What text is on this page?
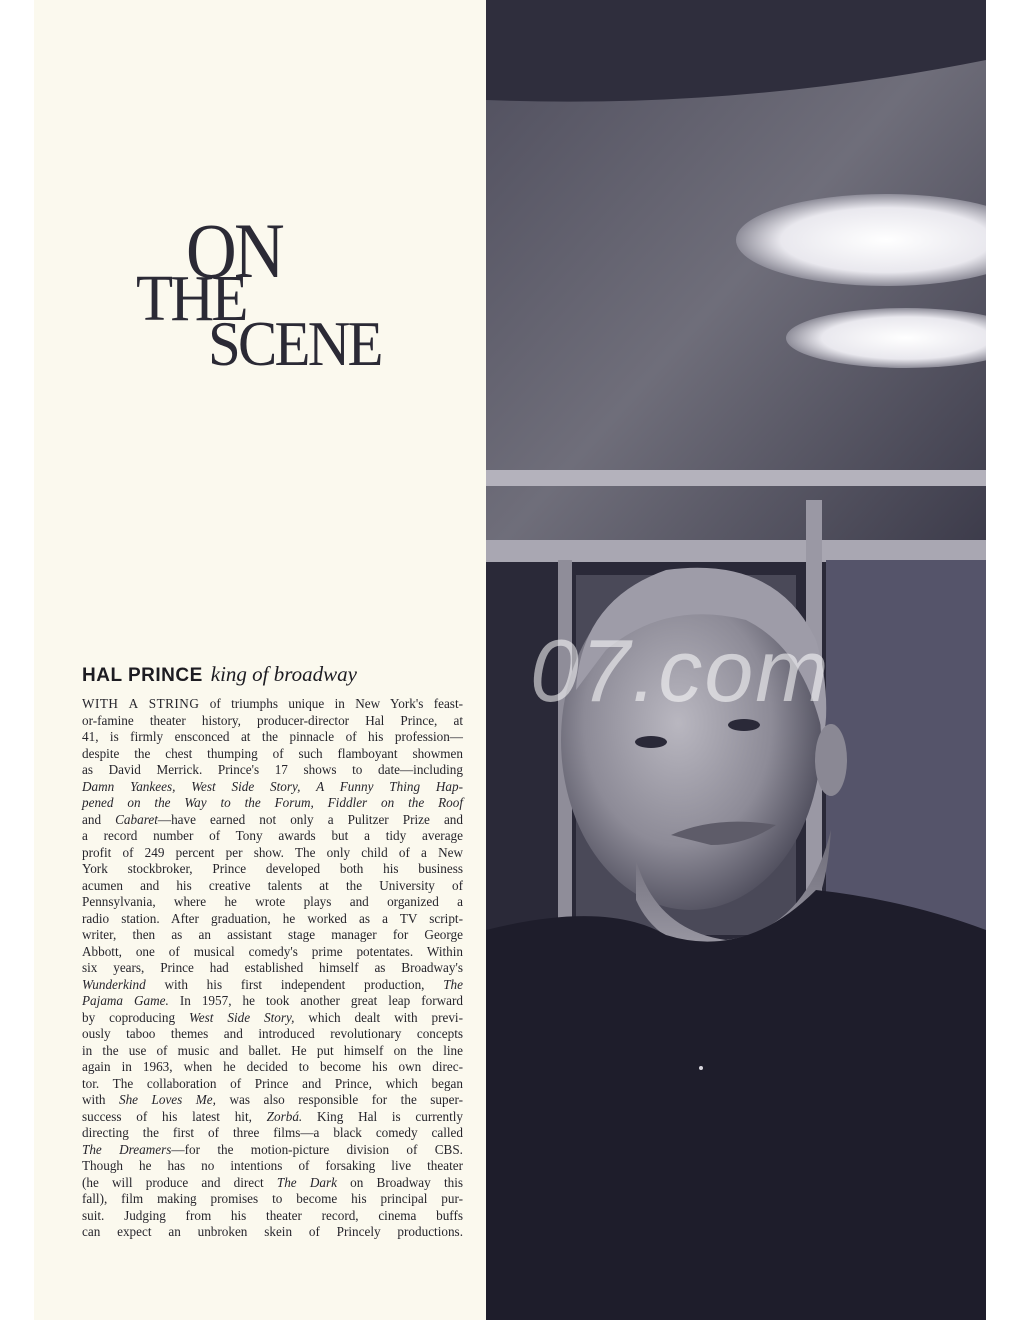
ON
THE
SCENE
HAL PRINCE king of broadway
WITH A STRING of triumphs unique in New York's feast-
or-famine theater history, producer-director Hal Prince, at
41, is firmly ensconced at the pinnacle of his profession—
despite the chest thumping of such flamboyant showmen
as David Merrick. Prince's 17 shows to date—including
Damn Yankees, West Side Story, A Funny Thing Hap-
pened on the Way to the Forum, Fiddler on the Roof
and Cabaret—have earned not only a Pulitzer Prize and
a record number of Tony awards but a tidy average
profit of 249 percent per show. The only child of a New
York stockbroker, Prince developed both his business
acumen and his creative talents at the University of
Pennsylvania, where he wrote plays and organized a
radio station. After graduation, he worked as a TV script-
writer, then as an assistant stage manager for George
Abbott, one of musical comedy's prime potentates. Within
six years, Prince had established himself as Broadway's
Wunderkind with his first independent production, The
Pajama Game. In 1957, he took another great leap forward
by coproducing West Side Story, which dealt with previ-
ously taboo themes and introduced revolutionary concepts
in the use of music and ballet. He put himself on the line
again in 1963, when he decided to become his own direc-
tor. The collaboration of Prince and Prince, which began
with She Loves Me, was also responsible for the super-
success of his latest hit, Zorbá. King Hal is currently
directing the first of three films—a black comedy called
The Dreamers—for the motion-picture division of CBS.
Though he has no intentions of forsaking live theater
(he will produce and direct The Dark on Broadway this
fall), film making promises to become his principal pur-
suit. Judging from his theater record, cinema buffs
can expect an unbroken skein of Princely productions.
07.com
